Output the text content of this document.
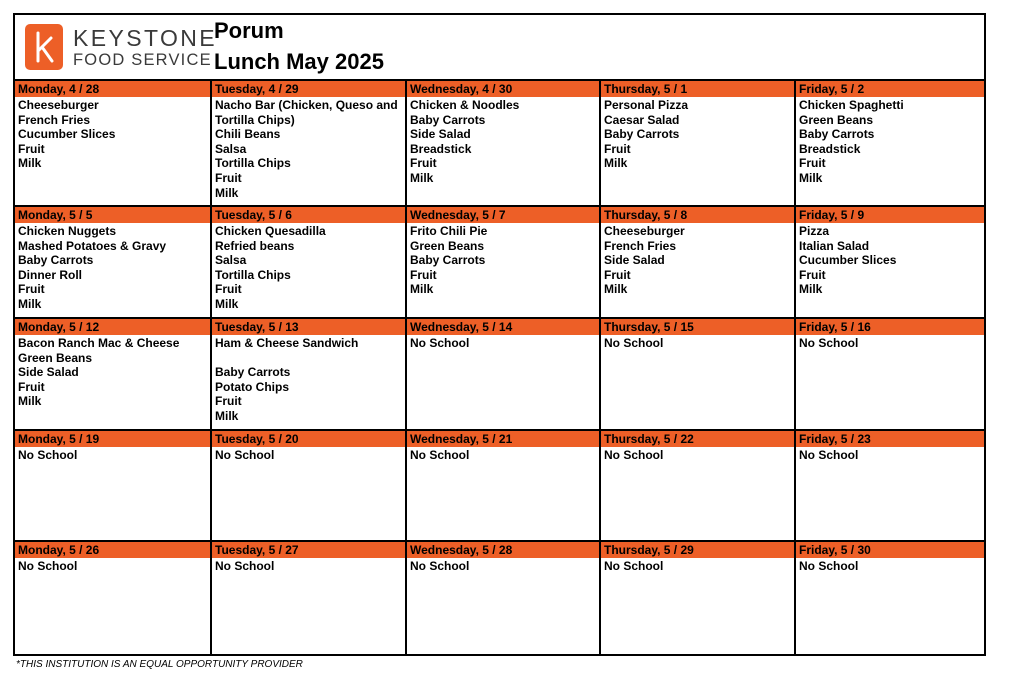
KEYSTONE
FOOD SERVICE
Porum
Lunch May 2025
Monday, 4 / 28
Cheeseburger
French Fries
Cucumber Slices
Fruit
Milk
Tuesday, 4 / 29
Nacho Bar (Chicken, Queso and Tortilla Chips)
Chili Beans
Salsa
Tortilla Chips
Fruit
Milk
Wednesday, 4 / 30
Chicken & Noodles
Baby Carrots
Side Salad
Breadstick
Fruit
Milk
Thursday, 5 / 1
Personal Pizza
Caesar Salad
Baby Carrots
Fruit
Milk
Friday, 5 / 2
Chicken Spaghetti
Green Beans
Baby Carrots
Breadstick
Fruit
Milk
Monday, 5 / 5
Chicken Nuggets
Mashed Potatoes & Gravy
Baby Carrots
Dinner Roll
Fruit
Milk
Tuesday, 5 / 6
Chicken Quesadilla
Refried beans
Salsa
Tortilla Chips
Fruit
Milk
Wednesday, 5 / 7
Frito Chili Pie
Green Beans
Baby Carrots
Fruit
Milk
Thursday, 5 / 8
Cheeseburger
French Fries
Side Salad
Fruit
Milk
Friday, 5 / 9
Pizza
Italian Salad
Cucumber Slices
Fruit
Milk
Monday, 5 / 12
Bacon Ranch Mac & Cheese
Green Beans
Side Salad
Fruit
Milk
Tuesday, 5 / 13
Ham & Cheese Sandwich
Baby Carrots
Potato Chips
Fruit
Milk
Wednesday, 5 / 14
No School
Thursday, 5 / 15
No School
Friday, 5 / 16
No School
Monday, 5 / 19
No School
Tuesday, 5 / 20
No School
Wednesday, 5 / 21
No School
Thursday, 5 / 22
No School
Friday, 5 / 23
No School
Monday, 5 / 26
No School
Tuesday, 5 / 27
No School
Wednesday, 5 / 28
No School
Thursday, 5 / 29
No School
Friday, 5 / 30
No School
*THIS INSTITUTION IS AN EQUAL OPPORTUNITY PROVIDER
